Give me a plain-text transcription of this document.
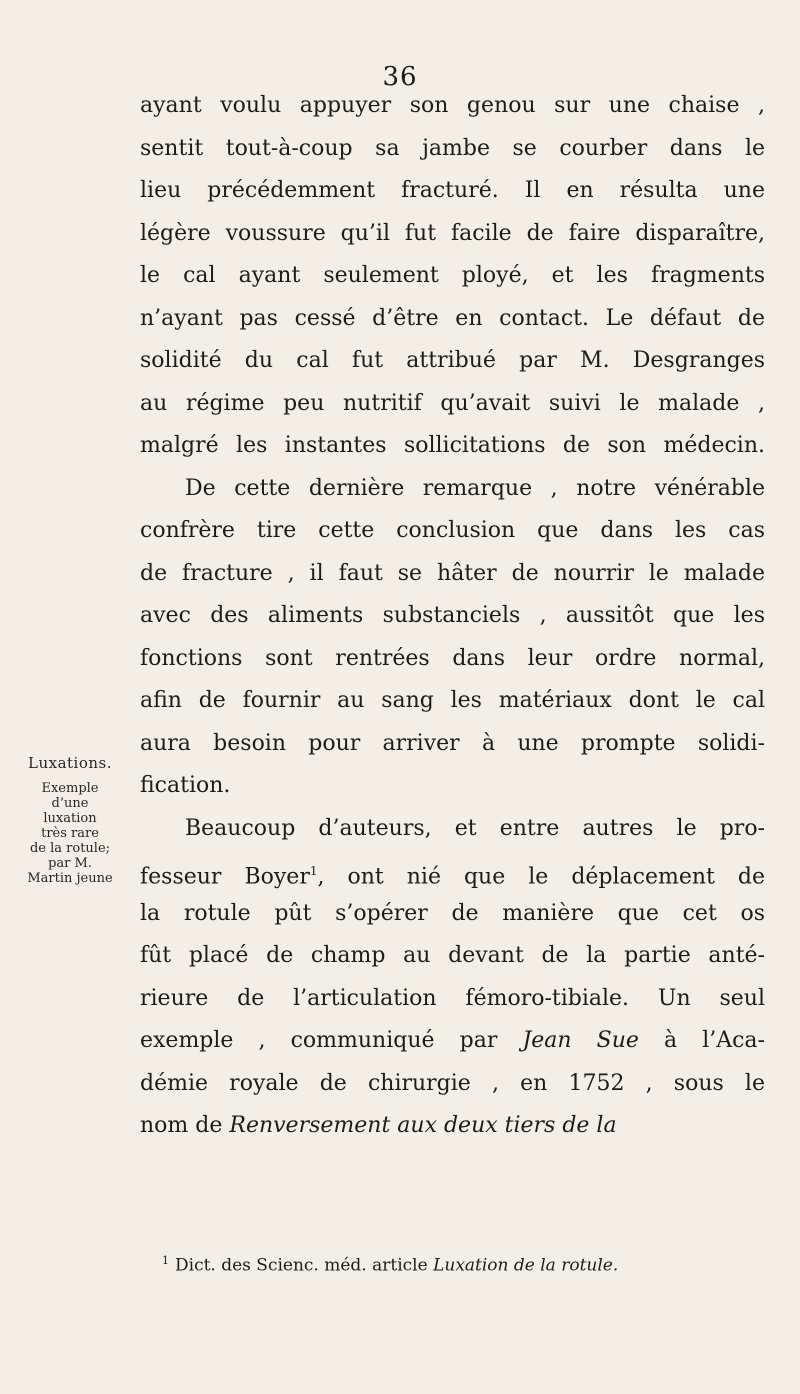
36
ayant voulu appuyer son genou sur une chaise ,
sentit tout-à-coup sa jambe se courber dans le
lieu précédemment fracturé. Il en résulta une
légère voussure qu’il fut facile de faire disparaître,
le cal ayant seulement ployé, et les fragments
n’ayant pas cessé d’être en contact. Le défaut de
solidité du cal fut attribué par M. Desgranges
au régime peu nutritif qu’avait suivi le malade ,
malgré les instantes sollicitations de son médecin.
De cette dernière remarque , notre vénérable
confrère tire cette conclusion que dans les cas
de fracture , il faut se hâter de nourrir le malade
avec des aliments substanciels , aussitôt que les
fonctions sont rentrées dans leur ordre normal,
afin de fournir au sang les matériaux dont le cal
aura besoin pour arriver à une prompte solidi-
fication.
Beaucoup d’auteurs, et entre autres le pro-
fesseur Boyer$^1$, ont nié que le déplacement de
la rotule pût s’opérer de manière que cet os
fût placé de champ au devant de la partie anté-
rieure de l’articulation fémoro-tibiale. Un seul
exemple , communiqué par Jean Sue à l’Aca-
démie royale de chirurgie , en 1752 , sous le
nom de Renversement aux deux tiers de la
Luxations.
Exemple
d’une
luxation
très rare
de la rotule;
par M.
Martin jeune
$^1$ Dict. des Scienc. méd. article Luxation de la rotule.
